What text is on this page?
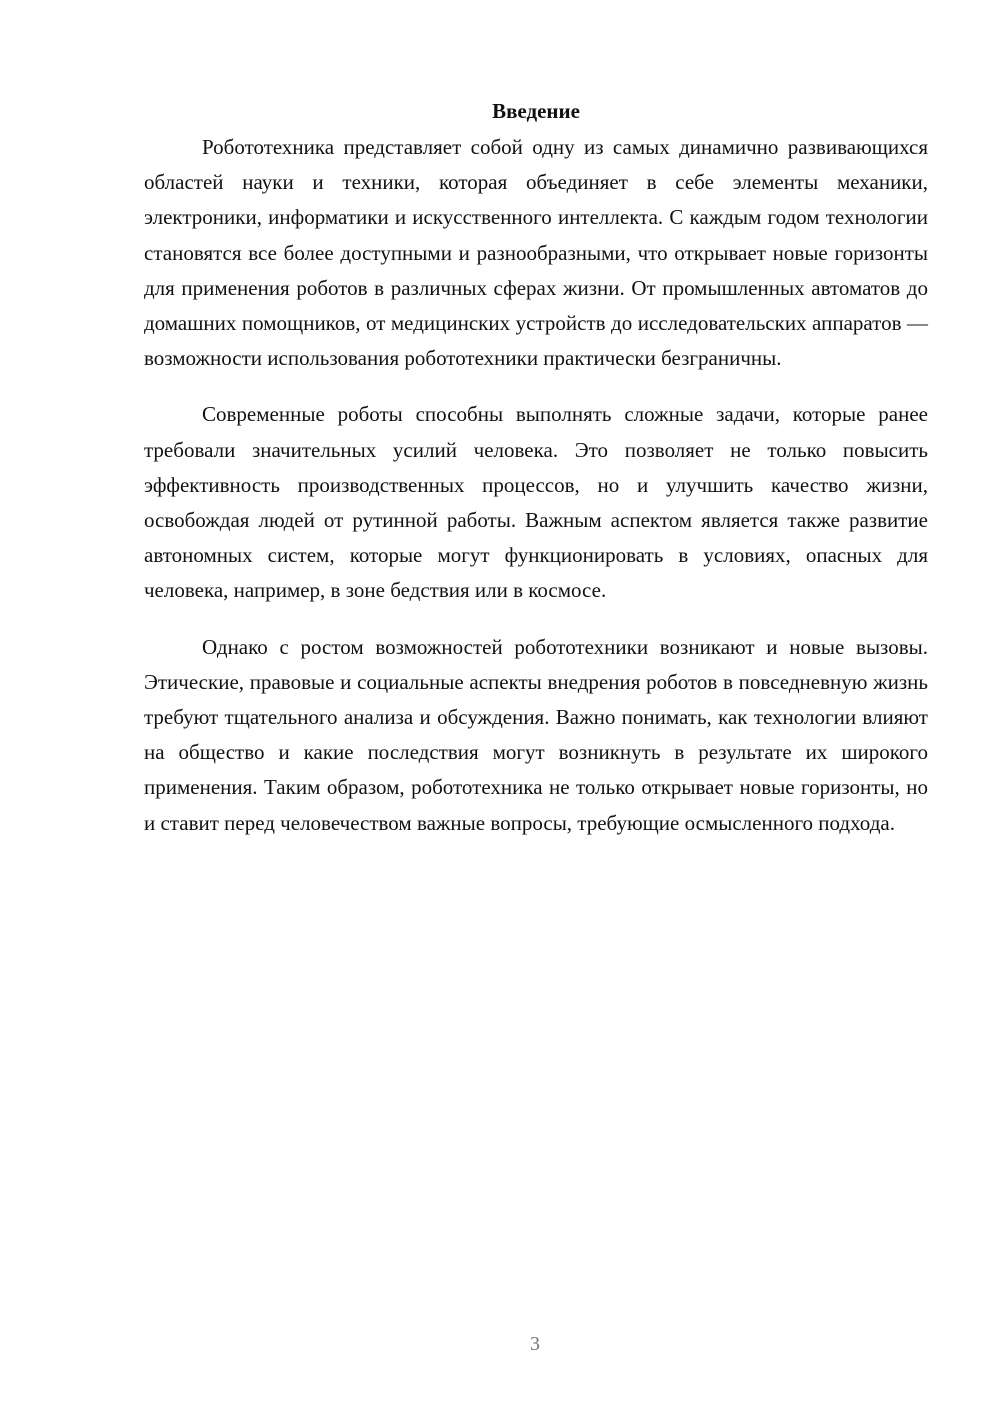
Введение

Робототехника представляет собой одну из самых динамично развивающихся областей науки и техники, которая объединяет в себе элементы механики, электроники, информатики и искусственного интеллекта. С каждым годом технологии становятся все более доступными и разнообразными, что открывает новые горизонты для применения роботов в различных сферах жизни. От промышленных автоматов до домашних помощников, от медицинских устройств до исследовательских аппаратов — возможности использования робототехники практически безграничны.

Современные роботы способны выполнять сложные задачи, которые ранее требовали значительных усилий человека. Это позволяет не только повысить эффективность производственных процессов, но и улучшить качество жизни, освобождая людей от рутинной работы. Важным аспектом является также развитие автономных систем, которые могут функционировать в условиях, опасных для человека, например, в зоне бедствия или в космосе.

Однако с ростом возможностей робототехники возникают и новые вызовы. Этические, правовые и социальные аспекты внедрения роботов в повседневную жизнь требуют тщательного анализа и обсуждения. Важно понимать, как технологии влияют на общество и какие последствия могут возникнуть в результате их широкого применения. Таким образом, робототехника не только открывает новые горизонты, но и ставит перед человечеством важные вопросы, требующие осмысленного подхода.

3
